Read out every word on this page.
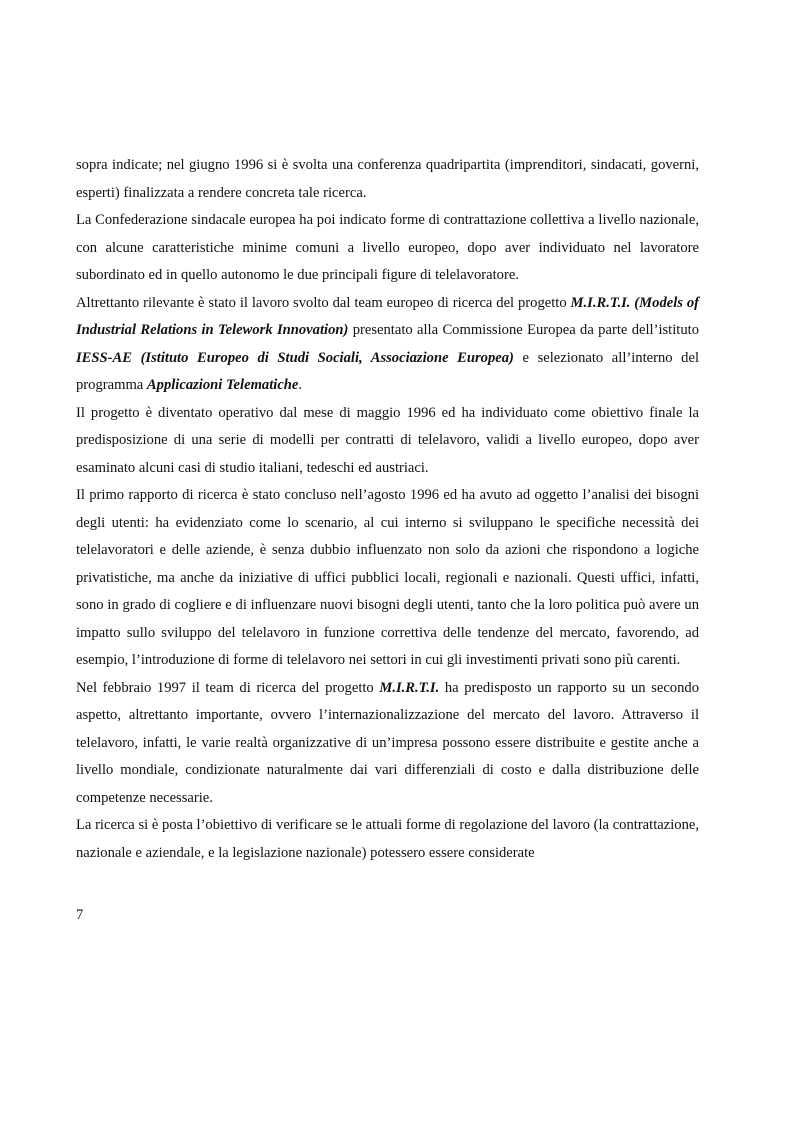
sopra indicate; nel giugno 1996 si è svolta una conferenza quadripartita (imprenditori, sindacati, governi, esperti) finalizzata a rendere concreta tale ricerca.

La Confederazione sindacale europea ha poi indicato forme di contrattazione collettiva a livello nazionale, con alcune caratteristiche minime comuni a livello europeo, dopo aver individuato nel lavoratore subordinato ed in quello autonomo le due principali figure di telelavoratore.

Altrettanto rilevante è stato il lavoro svolto dal team europeo di ricerca del progetto M.I.R.T.I. (Models of Industrial Relations in Telework Innovation) presentato alla Commissione Europea da parte dell’istituto IESS-AE (Istituto Europeo di Studi Sociali, Associazione Europea) e selezionato all’interno del programma Applicazioni Telematiche.

Il progetto è diventato operativo dal mese di maggio 1996 ed ha individuato come obiettivo finale la predisposizione di una serie di modelli per contratti di telelavoro, validi a livello europeo, dopo aver esaminato alcuni casi di studio italiani, tedeschi ed austriaci.

Il primo rapporto di ricerca è stato concluso nell’agosto 1996 ed ha avuto ad oggetto l’analisi dei bisogni degli utenti: ha evidenziato come lo scenario, al cui interno si sviluppano le specifiche necessità dei telelavoratori e delle aziende, è senza dubbio influenzato non solo da azioni che rispondono a logiche privatistiche, ma anche da iniziative di uffici pubblici locali, regionali e nazionali. Questi uffici, infatti, sono in grado di cogliere e di influenzare nuovi bisogni degli utenti, tanto che la loro politica può avere un impatto sullo sviluppo del telelavoro in funzione correttiva delle tendenze del mercato, favorendo, ad esempio, l’introduzione di forme di telelavoro nei settori in cui gli investimenti privati sono più carenti.

Nel febbraio 1997 il team di ricerca del progetto M.I.R.T.I. ha predisposto un rapporto su un secondo aspetto, altrettanto importante, ovvero l’internazionalizzazione del mercato del lavoro. Attraverso il telelavoro, infatti, le varie realtà organizzative di un’impresa possono essere distribuite e gestite anche a livello mondiale, condizionate naturalmente dai vari differenziali di costo e dalla distribuzione delle competenze necessarie.

La ricerca si è posta l’obiettivo di verificare se le attuali forme di regolazione del lavoro (la contrattazione, nazionale e aziendale, e la legislazione nazionale) potessero essere considerate

7
